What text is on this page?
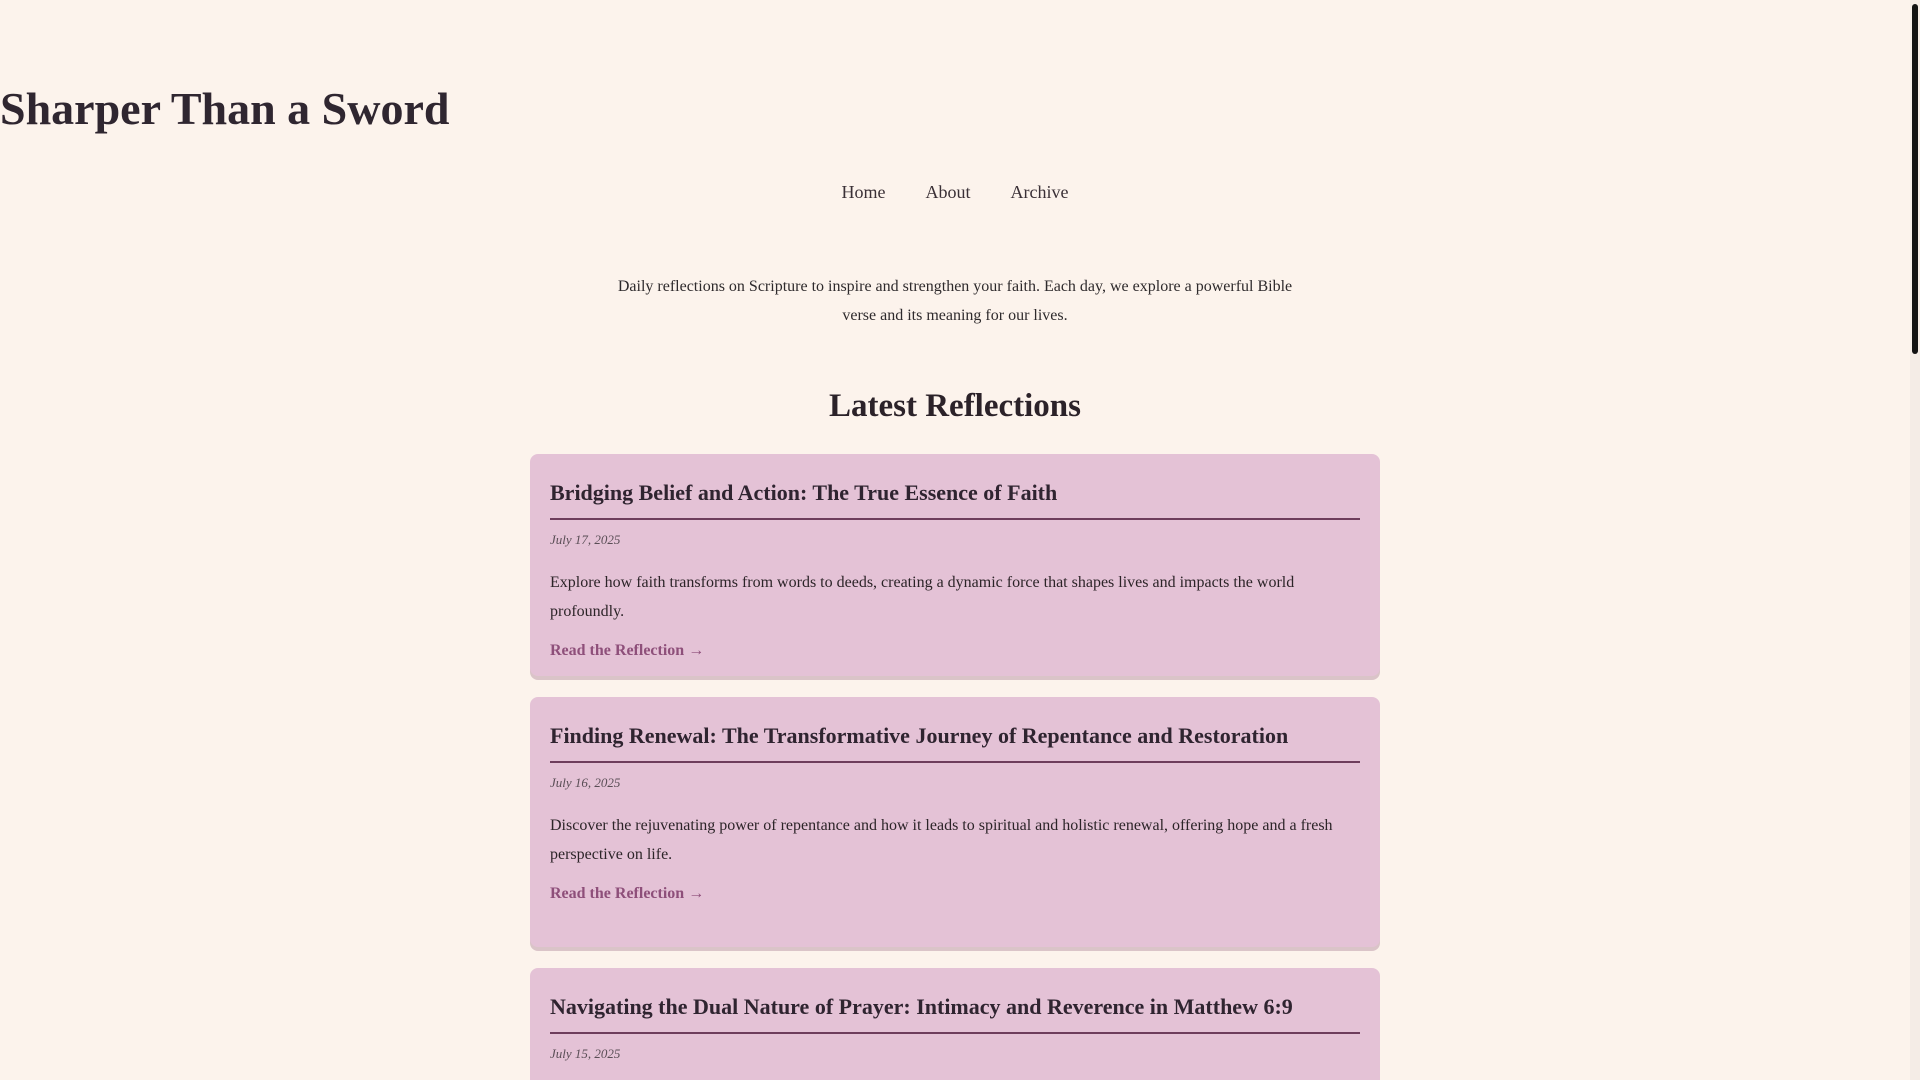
Sharper Than a Sword
Home About Archive

Daily reflections on Scripture to inspire and strengthen your faith. Each day, we explore a powerful Bible verse and its meaning for our lives.

Latest Reflections
Bridging Belief and Action: The True Essence of Faith

July 17, 2025

Explore how faith transforms from words to deeds, creating a dynamic force that shapes lives and impacts the world profoundly.

Read the Reflection →
Finding Renewal: The Transformative Journey of Repentance and Restoration

July 16, 2025

Discover the rejuvenating power of repentance and how it leads to spiritual and holistic renewal, offering hope and a fresh perspective on life.

Read the Reflection →
Navigating the Dual Nature of Prayer: Intimacy and Reverence in Matthew 6:9

July 15, 2025
